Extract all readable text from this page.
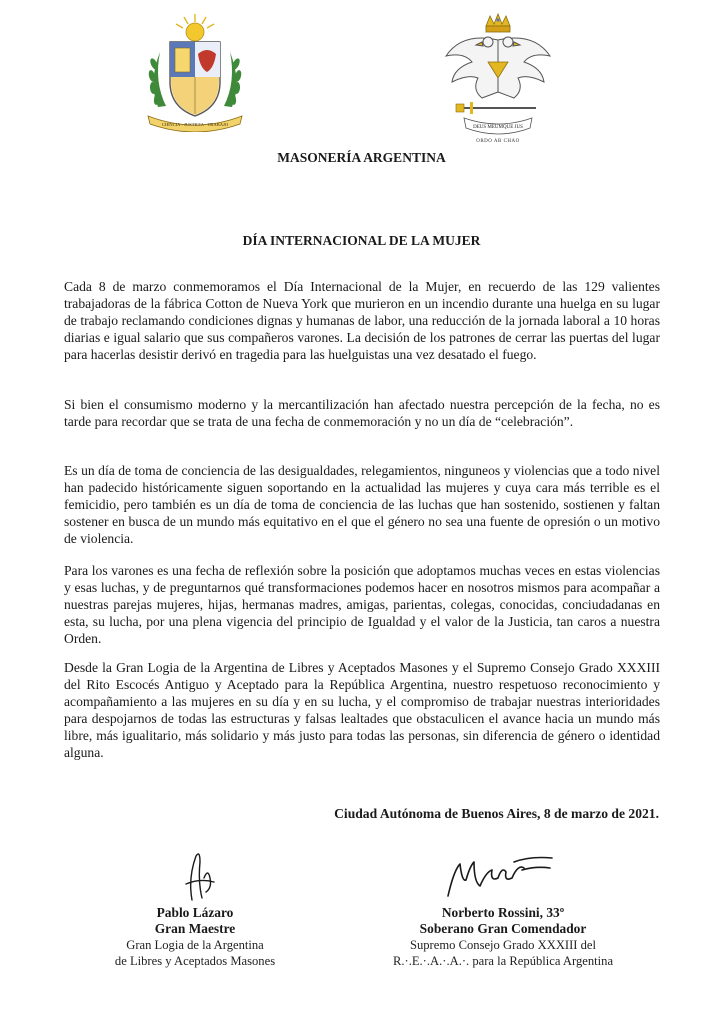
CIENCIA · JUSTICIA · TRABAJO
DEUS MEUMQUE JUS
ORDO AB CHAO
MASONERÍA ARGENTINA
DÍA INTERNACIONAL DE LA MUJER

Cada 8 de marzo conmemoramos el Día Internacional de la Mujer, en recuerdo de las 129 valientes trabajadoras de la fábrica Cotton de Nueva York que murieron en un incendio durante una huelga en su lugar de trabajo reclamando condiciones dignas y humanas de labor, una reducción de la jornada laboral a 10 horas diarias e igual salario que sus compañeros varones. La decisión de los patrones de cerrar las puertas del lugar para hacerlas desistir derivó en tragedia para las huelguistas una vez desatado el fuego.

Si bien el consumismo moderno y la mercantilización han afectado nuestra percepción de la fecha, no es tarde para recordar que se trata de una fecha de conmemoración y no un día de “celebración”.

Es un día de toma de conciencia de las desigualdades, relegamientos, ninguneos y violencias que a todo nivel han padecido históricamente siguen soportando en la actualidad las mujeres y cuya cara más terrible es el femicidio, pero también es un día de toma de conciencia de las luchas que han sostenido, sostienen y faltan sostener en busca de un mundo más equitativo en el que el género no sea una fuente de opresión o un motivo de violencia.

Para los varones es una fecha de reflexión sobre la posición que adoptamos muchas veces en estas violencias y esas luchas, y de preguntarnos qué transformaciones podemos hacer en nosotros mismos para acompañar a nuestras parejas mujeres, hijas, hermanas madres, amigas, parientas, colegas, conocidas, conciudadanas en esta, su lucha, por una plena vigencia del principio de Igualdad y el valor de la Justicia, tan caros a nuestra Orden.

Desde la Gran Logia de la Argentina de Libres y Aceptados Masones y el Supremo Consejo Grado XXXIII del Rito Escocés Antiguo y Aceptado para la República Argentina, nuestro respetuoso reconocimiento y acompañamiento a las mujeres en su día y en su lucha, y el compromiso de trabajar nuestras interioridades para despojarnos de todas las estructuras y falsas lealtades que obstaculicen el avance hacia un mundo más libre, más igualitario, más solidario y más justo para todas las personas, sin diferencia de género o identidad alguna.

Ciudad Autónoma de Buenos Aires, 8 de marzo de 2021.
Pablo Lázaro
Gran Maestre
Gran Logia de la Argentina
de Libres y Aceptados Masones
Norberto Rossini, 33º
Soberano Gran Comendador
Supremo Consejo Grado XXXIII del
R.·.E.·.A.·.A.·. para la República Argentina
